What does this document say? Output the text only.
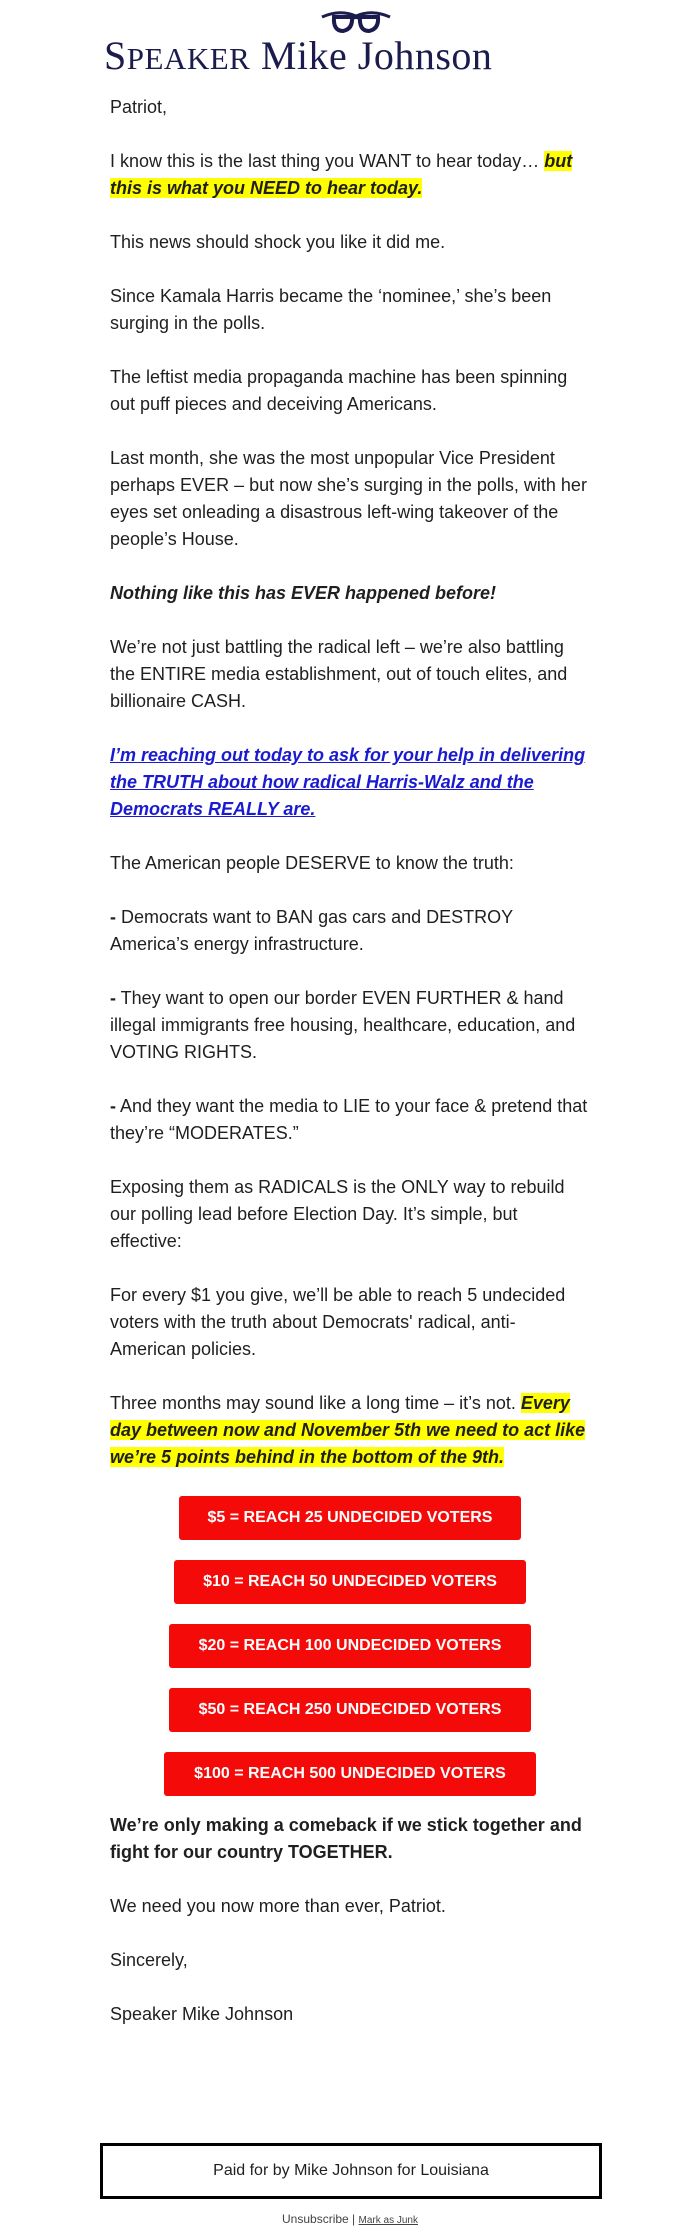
SPEAKER Mike Johnson

Patriot,

I know this is the last thing you WANT to hear today… but this is what you NEED to hear today.

This news should shock you like it did me.

Since Kamala Harris became the ‘nominee,’ she’s been surging in the polls.

The leftist media propaganda machine has been spinning out puff pieces and deceiving Americans.

Last month, she was the most unpopular Vice President perhaps EVER – but now she’s surging in the polls, with her eyes set onleading a disastrous left-wing takeover of the people’s House.

Nothing like this has EVER happened before!

We’re not just battling the radical left – we’re also battling the ENTIRE media establishment, out of touch elites, and billionaire CASH.

I’m reaching out today to ask for your help in delivering the TRUTH about how radical Harris-Walz and the Democrats REALLY are.

The American people DESERVE to know the truth:

- Democrats want to BAN gas cars and DESTROY America’s energy infrastructure.

- They want to open our border EVEN FURTHER & hand illegal immigrants free housing, healthcare, education, and VOTING RIGHTS.

- And they want the media to LIE to your face & pretend that they’re “MODERATES.”

Exposing them as RADICALS is the ONLY way to rebuild our polling lead before Election Day. It’s simple, but effective:

For every $1 you give, we’ll be able to reach 5 undecided voters with the truth about Democrats' radical, anti-American policies.

Three months may sound like a long time – it’s not. Every day between now and November 5th we need to act like we’re 5 points behind in the bottom of the 9th.

$5 = REACH 25 UNDECIDED VOTERS
$10 = REACH 50 UNDECIDED VOTERS
$20 = REACH 100 UNDECIDED VOTERS
$50 = REACH 250 UNDECIDED VOTERS
$100 = REACH 500 UNDECIDED VOTERS

We’re only making a comeback if we stick together and fight for our country TOGETHER.

We need you now more than ever, Patriot.

Sincerely,

Speaker Mike Johnson

Paid for by Mike Johnson for Louisiana
Unsubscribe | Mark as Junk
